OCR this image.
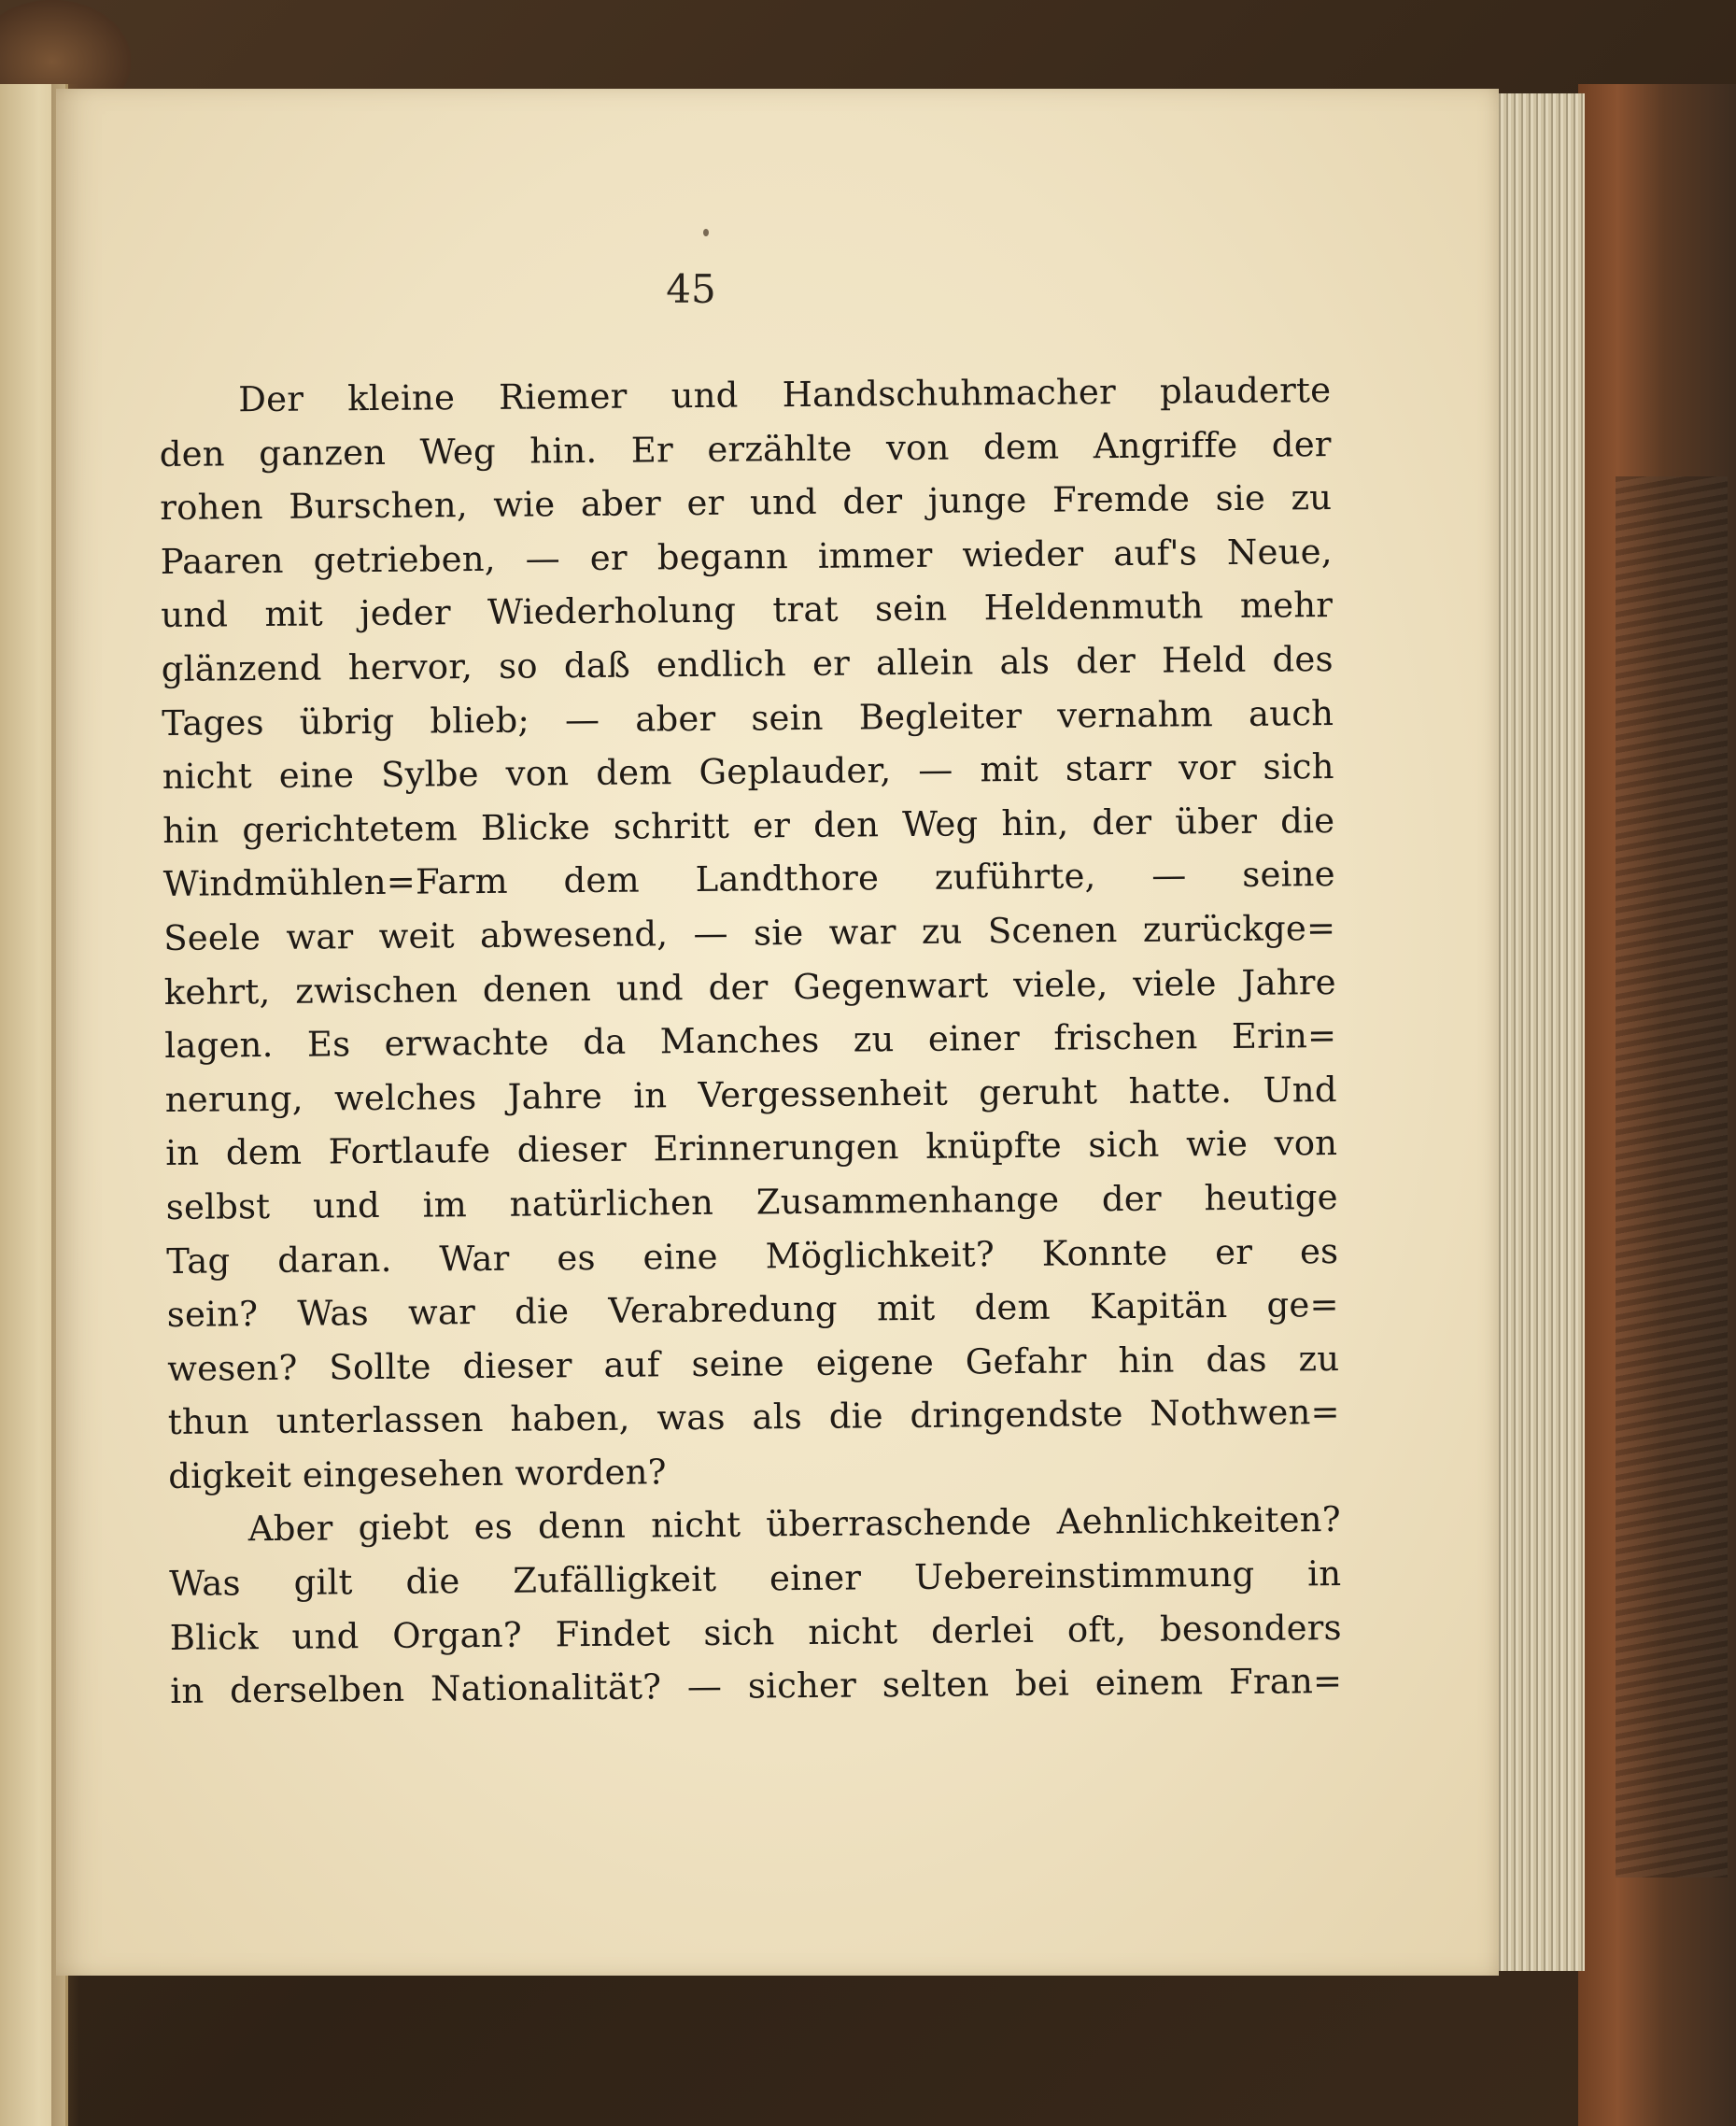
45
Der kleine Riemer und Handschuhmacher plauderte
den ganzen Weg hin. Er erzählte von dem Angriffe der
rohen Burschen, wie aber er und der junge Fremde sie zu
Paaren getrieben, — er begann immer wieder auf's Neue,
und mit jeder Wiederholung trat sein Heldenmuth mehr
glänzend hervor, so daß endlich er allein als der Held des
Tages übrig blieb; — aber sein Begleiter vernahm auch
nicht eine Sylbe von dem Geplauder, — mit starr vor sich
hin gerichtetem Blicke schritt er den Weg hin, der über die
Windmühlen=Farm dem Landthore zuführte, — seine
Seele war weit abwesend, — sie war zu Scenen zurückge=
kehrt, zwischen denen und der Gegenwart viele, viele Jahre
lagen. Es erwachte da Manches zu einer frischen Erin=
nerung, welches Jahre in Vergessenheit geruht hatte. Und
in dem Fortlaufe dieser Erinnerungen knüpfte sich wie von
selbst und im natürlichen Zusammenhange der heutige
Tag daran. War es eine Möglichkeit? Konnte er es
sein? Was war die Verabredung mit dem Kapitän ge=
wesen? Sollte dieser auf seine eigene Gefahr hin das zu
thun unterlassen haben, was als die dringendste Nothwen=
digkeit eingesehen worden?
Aber giebt es denn nicht überraschende Aehnlichkeiten?
Was gilt die Zufälligkeit einer Uebereinstimmung in
Blick und Organ? Findet sich nicht derlei oft, besonders
in derselben Nationalität? — sicher selten bei einem Fran=
